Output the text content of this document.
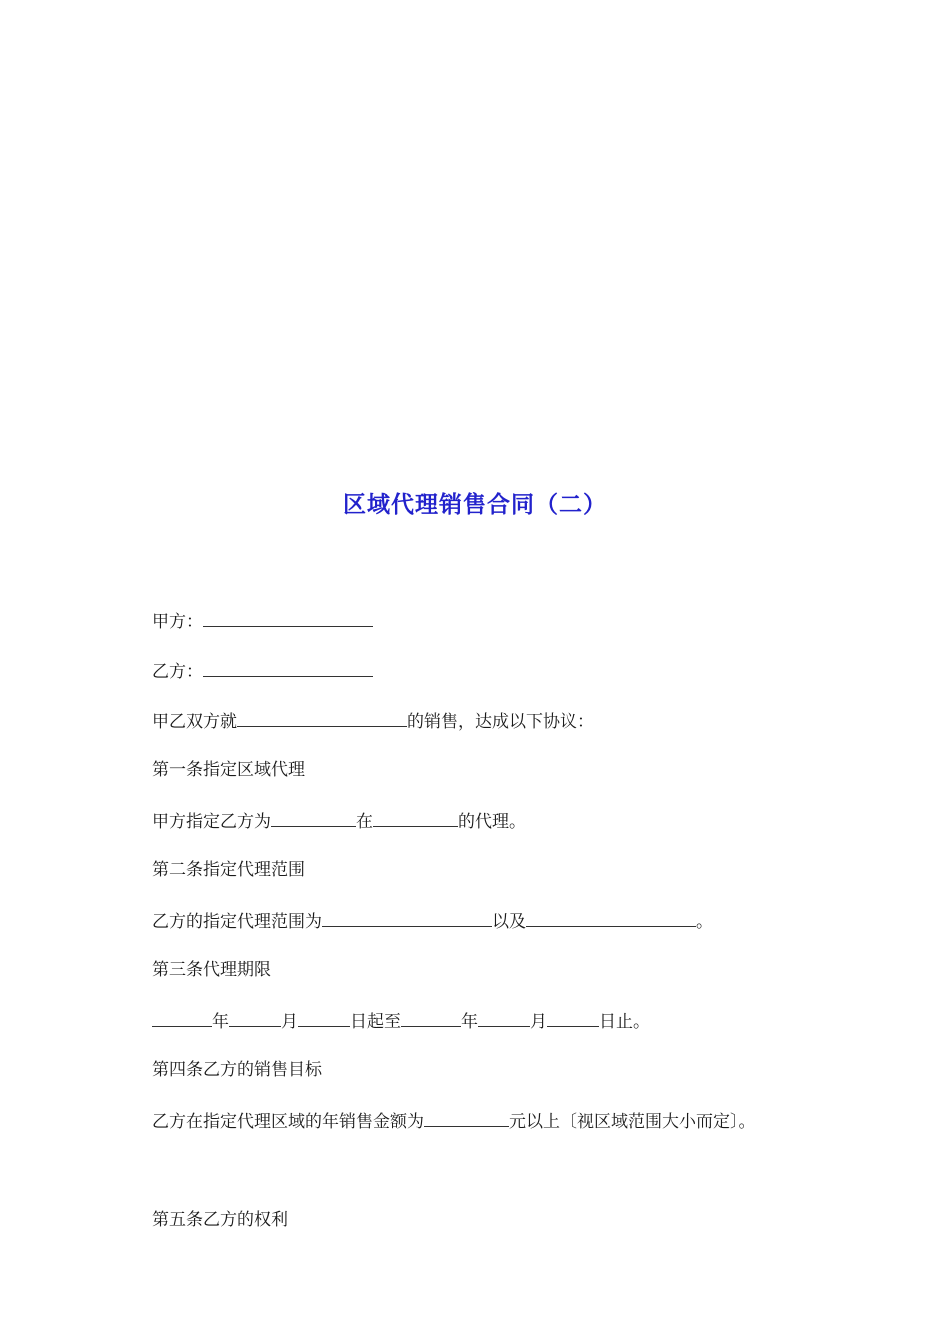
区域代理销售合同（二）
甲方：
乙方：
甲乙双方就	的销售，达成以下协议：
第一条指定区域代理
甲方指定乙方为	在	的代理。
第二条指定代理范围
乙方的指定代理范围为	以及	。
第三条代理期限
年	月	日起至	年	月	日止。
第四条乙方的销售目标
乙方在指定代理区域的年销售金额为	元以上〔视区域范围大小而定〕。
第五条乙方的权利
